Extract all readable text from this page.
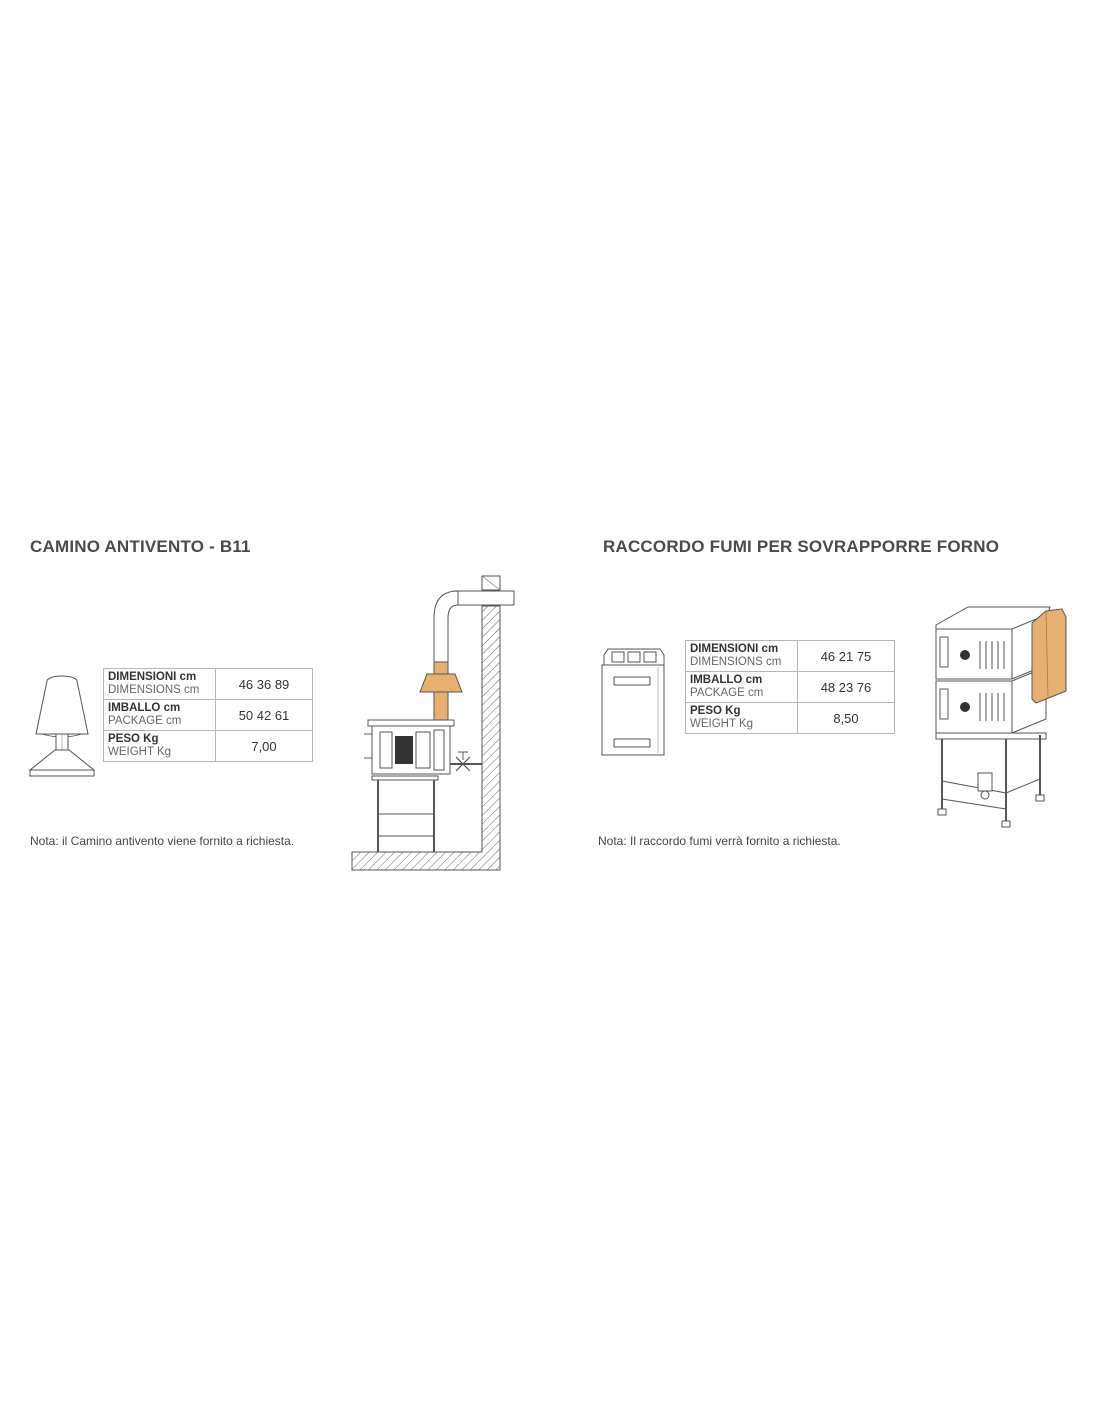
CAMINO ANTIVENTO - B11
DIMENSIONI cm
DIMENSIONS cm	46 36 89

IMBALLO cm
PACKAGE cm	50 42 61

PESO Kg
WEIGHT Kg	7,00
Nota: il Camino antivento viene fornito a richiesta.
RACCORDO FUMI PER SOVRAPPORRE FORNO
DIMENSIONI cm
DIMENSIONS cm	46 21 75

IMBALLO cm
PACKAGE cm	48 23 76

PESO Kg
WEIGHT Kg	8,50
Nota: Il raccordo fumi verrà fornito a richiesta.
